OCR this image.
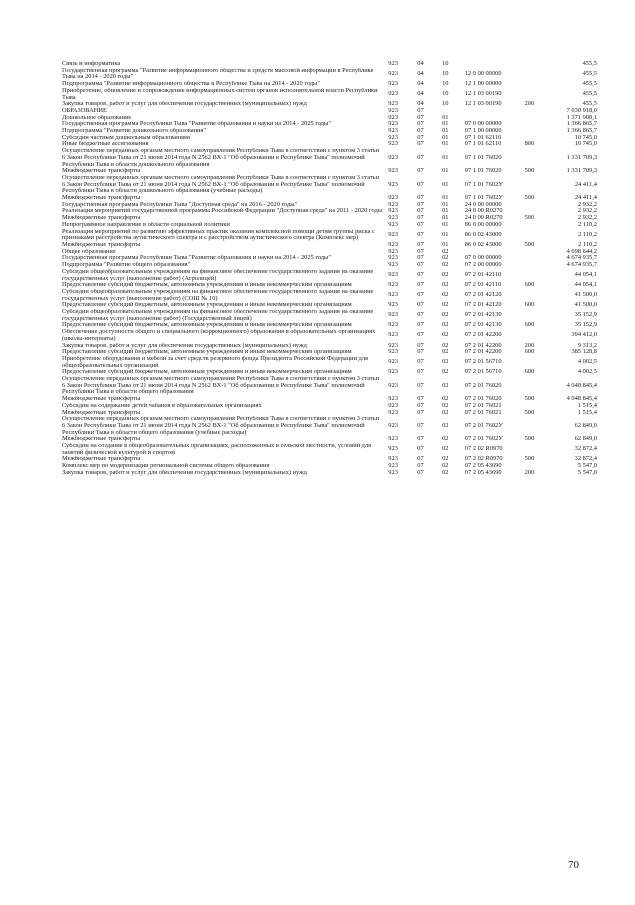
Связь и информатика	923	04	10			455,5
Государственная программа "Развитие информационного общества и средств массовой информации в Республике Тыва на 2014 - 2020 годы"	923	04	10	12 0 00 00000		455,5
Подпрограмма "Развитие информационного общества в Республике Тыва на 2014 - 2020 годы"	923	04	10	12 1 00 00000		455,5
Приобретение, обновление и сопровождение информационных систем органов исполнительной власти Республики Тыва	923	04	10	12 1 03 00190		455,5
Закупка товаров, работ и услуг для обеспечения государственных (муниципальных) нужд	923	04	10	12 1 03 00190	200	455,5
ОБРАЗОВАНИЕ	923	07				7 030 918,0
Дошкольное образование	923	07	01			1 371 908,1
Государственная программа Республики Тыва "Развитие образования и науки на 2014 - 2025 годы"	923	07	01	07 0 00 00000		1 366 865,7
Подпрограмма "Развитие дошкольного образования"	923	07	01	07 1 00 00000		1 366 865,7
Субсидии частным дошкольным образованиям	923	07	01	07 1 01 62110		10 745,0
Иные бюджетные ассигнования	923	07	01	07 1 01 62110	800	10 745,0
Осуществление переданных органам местного самоуправления Республики Тыва в соответствии с пунктом 3 статьи 6 Закон Республики Тыва от 21 июня 2014 года N 2562 ВХ-1 "Об образовании в Республике Тыва" полномочий Республики Тыва в области дошкольного образования	923	07	01	07 1 01 76020		1 331 709,3
Межбюджетные трансферты	923	07	01	07 1 01 76020	500	1 331 709,3
Осуществление переданных органам местного самоуправления Республики Тыва в соответствии с пунктом 3 статьи 6 Закон Республики Тыва от 21 июня 2014 года N 2562 ВХ-1 "Об образовании в Республике Тыва" полномочий Республики Тыва в области дошкольного образования (учебные расходы)	923	07	01	07 1 01 7602У		24 411,4
Межбюджетные трансферты	923	07	01	07 1 01 7602У	500	24 411,4
Государственная программа Республики Тыва "Доступная среда" на 2016 - 2020 годы"	923	07	01	24 0 00 00000		2 932,2
Реализация мероприятий государственной программы Российской Федерации "Доступная среда" на 2011 - 2020 годы	923	07	01	24 0 00 R0270		2 932,2
Межбюджетные трансферты	923	07	01	24 0 00 R0270	500	2 932,2
Непрограммное направление в области социальной политики	923	07	01	86 0 00 00000		2 110,2
Реализация мероприятий по развитию эффективных практик оказания комплексной помощи детям группы риска с признаками расстройства аутистического спектра и с расстройством аутистического спектра (Комплекс мер)	923	07	01	86 0 02 43000		2 110,2
Межбюджетные трансферты	923	07	01	86 0 02 43000	500	2 110,2
Общее образование	923	07	02			4 698 644,2
Государственная программа Республики Тыва "Развитие образования и науки на 2014 - 2025 годы"	923	07	02	07 0 00 00000		4 674 935,7
Подпрограмма "Развитие общего образования"	923	07	02	07 2 00 00000		4 674 935,7
Субсидии общеобразовательным учреждениям на финансовое обеспечение государственного задания на оказание государственных услуг (выполнение работ) (Агролицей)	923	07	02	07 2 01 42110		44 054,1
Предоставление субсидий бюджетным, автономным учреждениям и иным некоммерческим организациям	923	07	02	07 2 01 42110	600	44 054,1
Субсидии общеобразовательным учреждениям на финансовое обеспечение государственного задания на оказание государственных услуг (выполнение работ) (СОШ № 10)	923	07	02	07 2 01 42120		41 500,0
Предоставление субсидий бюджетным, автономным учреждениям и иным некоммерческим организациям	923	07	02	07 2 01 42120	600	41 500,0
Субсидии общеобразовательным учреждениям на финансовое обеспечение государственного задания на оказание государственных услуг (выполнение работ) (Государственный лицей)	923	07	02	07 2 01 42130		35 152,9
Предоставление субсидий бюджетным, автономным учреждениям и иным некоммерческим организациям	923	07	02	07 2 01 42130	600	35 152,9
Обеспечение доступности общего и специального (коррекционного) образования в образовательных организациях (школы-интернаты)	923	07	02	07 2 01 42200		394 412,0
Закупка товаров, работ и услуг для обеспечения государственных (муниципальных) нужд	923	07	02	07 2 01 42200	200	9 313,2
Предоставление субсидий бюджетным, автономным учреждениям и иным некоммерческим организациям	923	07	02	07 2 01 42200	600	385 128,8
Приобретение оборудования и мебели за счет средств резервного фонда Президента Российской Федерации для общеобразовательных организаций	923	07	02	07 2 01 56710		4 002,5
Предоставление субсидий бюджетным, автономным учреждениям и иным некоммерческим организациям	923	07	02	07 2 01 56710	600	4 002,5
Осуществление переданных органам местного самоуправления Республики Тыва в соответствии с пунктом 3 статьи 6 Закон Республики Тыва от 21 июня 2014 года N 2562 ВХ-1 "Об образовании в Республике Тыва" полномочий Республики Тыва в области общего образования	923	07	02	07 2 01 76020		4 048 845,4
Межбюджетные трансферты	923	07	02	07 2 01 76020	500	4 048 845,4
Субсидии на содержание детей чабанов в образовательных организациях	923	07	02	07 2 01 76021		1 515,4
Межбюджетные трансферты	923	07	02	07 2 01 76021	500	1 515,4
Осуществление переданных органам местного самоуправления Республики Тыва в соответствии с пунктом 3 статьи 6 Закон Республики Тыва от 21 июня 2014 года N 2562 ВХ-1 "Об образовании в Республике Тыва" полномочий Республики Тыва в области общего образования (учебные расходы)	923	07	02	07 2 01 7602У		62 849,0
Межбюджетные трансферты	923	07	02	07 2 01 7602У	500	62 849,0
Субсидии на создание в общеобразовательных организациях, расположенных в сельской местности, условий для занятий физической культурой и спортом	923	07	02	07 2 02 R0970		32 872,4
Межбюджетные трансферты	923	07	02	07 2 02 R0970	500	32 872,4
Комплекс мер по модернизации региональной системы общего образования	923	07	02	07 2 05 43690		5 547,0
Закупка товаров, работ и услуг для обеспечения государственных (муниципальных) нужд	923	07	02	07 2 05 43690	200	5 547,0
70
